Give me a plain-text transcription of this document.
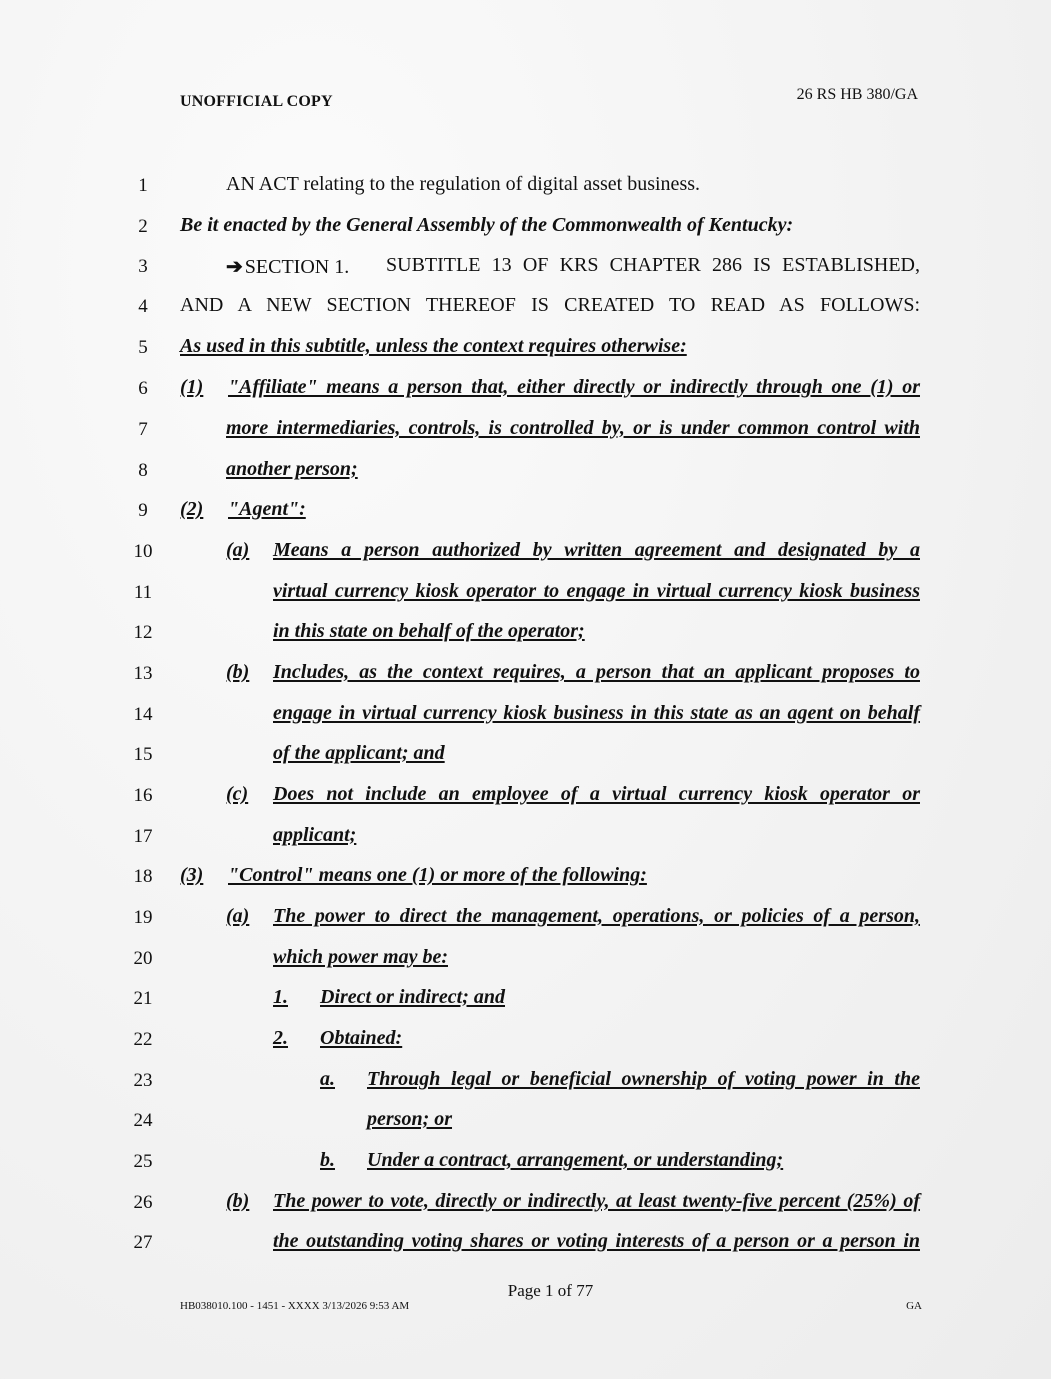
UNOFFICIAL COPY	26 RS HB 380/GA
1	AN ACT relating to the regulation of digital asset business.
2	Be it enacted by the General Assembly of the Commonwealth of Kentucky:
3	➔ SECTION 1. SUBTITLE 13 OF KRS CHAPTER 286 IS ESTABLISHED,
4	AND A NEW SECTION THEREOF IS CREATED TO READ AS FOLLOWS:
5	As used in this subtitle, unless the context requires otherwise:
6	(1) "Affiliate" means a person that, either directly or indirectly through one (1) or
7	more intermediaries, controls, is controlled by, or is under common control with
8	another person;
9	(2) "Agent":
10	(a) Means a person authorized by written agreement and designated by a
11	virtual currency kiosk operator to engage in virtual currency kiosk business
12	in this state on behalf of the operator;
13	(b) Includes, as the context requires, a person that an applicant proposes to
14	engage in virtual currency kiosk business in this state as an agent on behalf
15	of the applicant; and
16	(c) Does not include an employee of a virtual currency kiosk operator or
17	applicant;
18	(3) "Control" means one (1) or more of the following:
19	(a) The power to direct the management, operations, or policies of a person,
20	which power may be:
21	1. Direct or indirect; and
22	2. Obtained:
23	a. Through legal or beneficial ownership of voting power in the
24	person; or
25	b. Under a contract, arrangement, or understanding;
26	(b) The power to vote, directly or indirectly, at least twenty-five percent (25%) of
27	the outstanding voting shares or voting interests of a person or a person in
Page 1 of 77
HB038010.100 - 1451 - XXXX 3/13/2026 9:53 AM	GA
